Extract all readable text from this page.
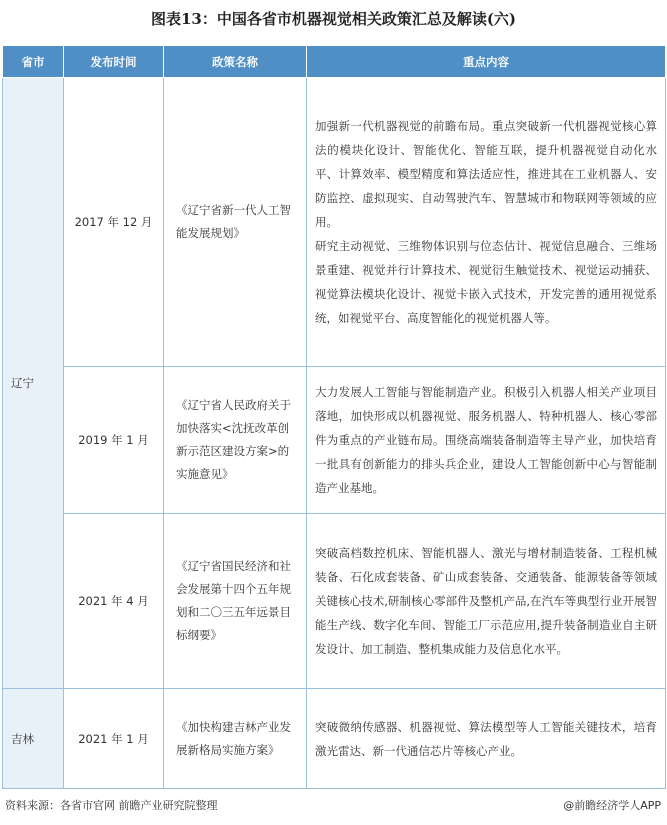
图表13：中国各省市机器视觉相关政策汇总及解读(六)
省市	发布时间	政策名称	重点内容
辽宁	2017 年 12 月	《辽宁省新一代人工智能发展规划》	加强新一代机器视觉的前瞻布局。重点突破新一代机器视觉核心算法的模块化设计、智能优化、智能互联，提升机器视觉自动化水平、计算效率、模型精度和算法适应性，推进其在工业机器人、安防监控、虚拟现实、自动驾驶汽车、智慧城市和物联网等领域的应用。

研究主动视觉、三维物体识别与位态估计、视觉信息融合、三维场景重建、视觉并行计算技术、视觉衍生触觉技术、视觉运动捕获、视觉算法模块化设计、视觉卡嵌入式技术，开发完善的通用视觉系统，如视觉平台、高度智能化的视觉机器人等。

	2019 年 1 月	《辽宁省人民政府关于加快落实<沈抚改革创新示范区建设方案>的实施意见》	大力发展人工智能与智能制造产业。积极引入机器人相关产业项目落地，加快形成以机器视觉、服务机器人、特种机器人、核心零部件为重点的产业链布局。围绕高端装备制造等主导产业，加快培育一批具有创新能力的排头兵企业，建设人工智能创新中心与智能制造产业基地。

	2021 年 4 月	《辽宁省国民经济和社会发展第十四个五年规划和二〇三五年远景目标纲要》	突破高档数控机床、智能机器人、激光与增材制造装备、工程机械装备、石化成套装备、矿山成套装备、交通装备、能源装备等领域关键核心技术,研制核心零部件及整机产品,在汽车等典型行业开展智能生产线、数字化车间、智能工厂示范应用,提升装备制造业自主研发设计、加工制造、整机集成能力及信息化水平。

吉林	2021 年 1 月	《加快构建吉林产业发展新格局实施方案》	突破微纳传感器、机器视觉、算法模型等人工智能关键技术，培育激光雷达、新一代通信芯片等核心产业。

资料来源：各省市官网 前瞻产业研究院整理	@前瞻经济学人APP
